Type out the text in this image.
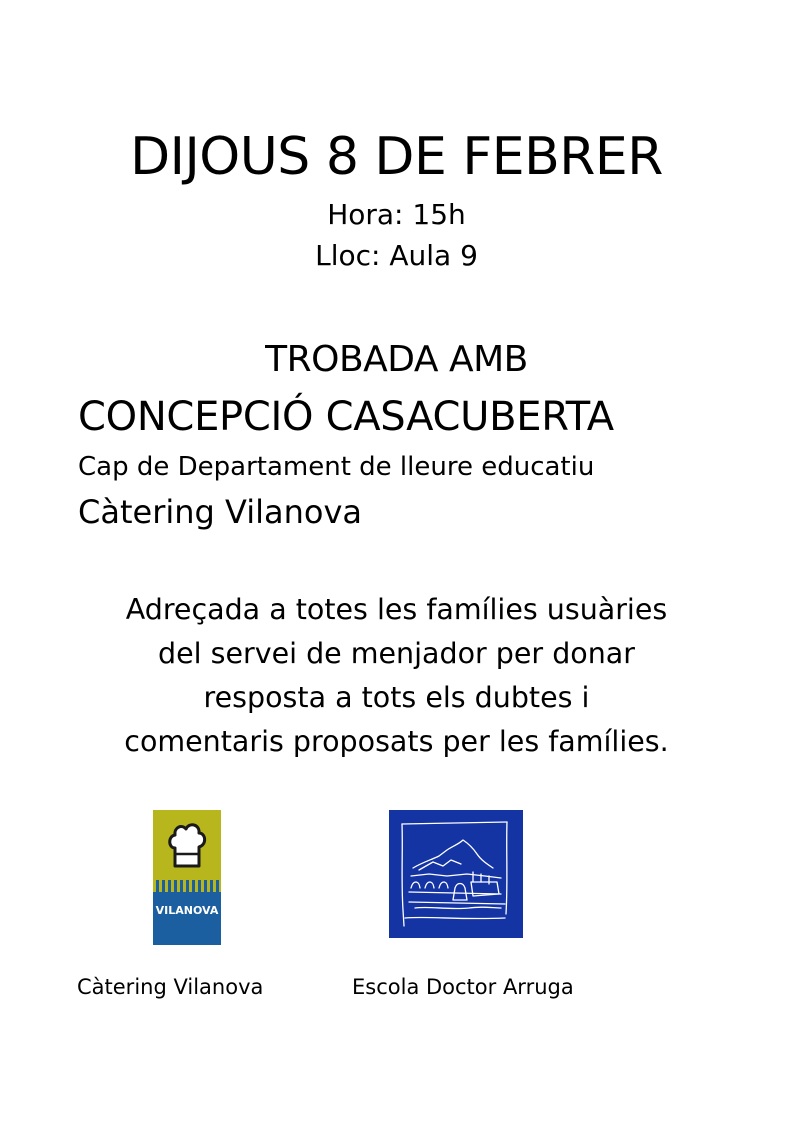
DIJOUS 8 DE FEBRER
Hora: 15h
Lloc: Aula 9
TROBADA AMB
CONCEPCIÓ CASACUBERTA
Cap de Departament de lleure educatiu
Càtering Vilanova
Adreçada a totes les famílies usuàries
del servei de menjador per donar
resposta a tots els dubtes i
comentaris proposats per les famílies.
VILANOVA
Càtering Vilanova	Escola Doctor Arruga
